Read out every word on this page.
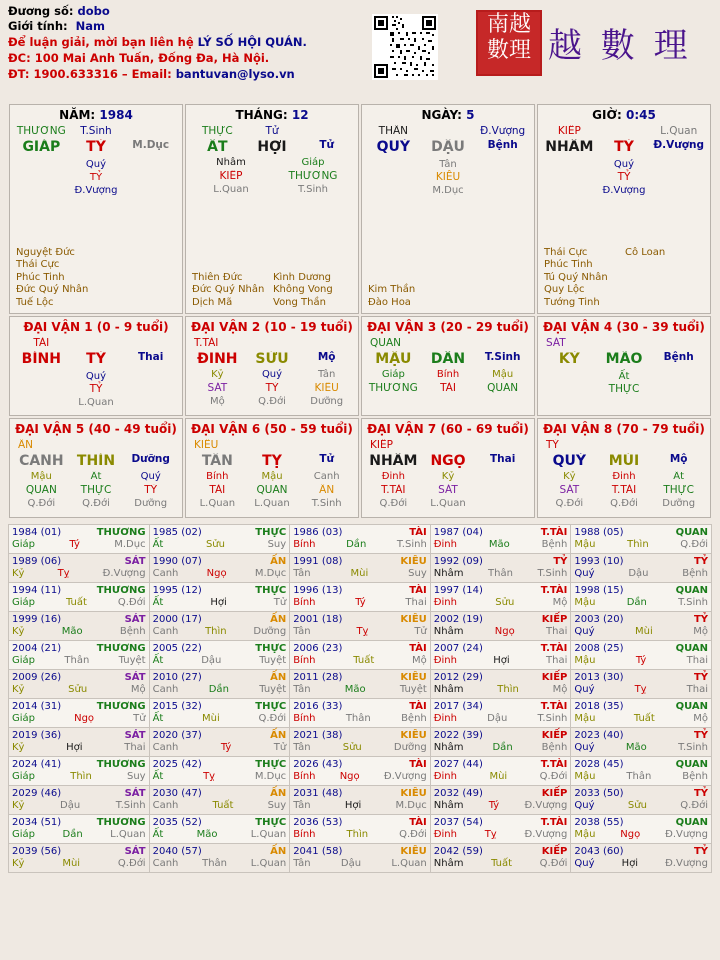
Đương số: dobo
Giới tính: Nam
Để luận giải, mời bạn liên hệ LÝ SỐ HỘI QUÁN.
ĐC: 100 Mai Anh Tuấn, Đống Đa, Hà Nội.
ĐT: 1900.633316 – Email: bantuvan@lyso.vn
南越數理 越 數 理
NĂM: 1984
THƯƠNG	T.Sinh
GIÁP	TỶ	M.Dục
Quý
TỶ
Đ.Vượng
Nguyệt Đức
Thái Cực
Phúc Tinh
Đức Quý Nhân
Tuế Lộc
THÁNG: 12
THỰC	Tử
ẤT	HỢI	Tử
Nhâm	Giáp
KIẾP	THƯƠNG
L.Quan	T.Sinh
Thiên Đức
Đức Quý Nhân
Dịch Mã
Kình Dương
Không Vong
Vong Thần
NGÀY: 5
THÂN	Đ.Vượng
QUÝ	DẬU	Bệnh
Tân
KIÊU
M.Dục
Kim Thần
Đào Hoa
GIỜ: 0:45
KIẾP	L.Quan
NHÂM	TỶ	Đ.Vượng
Quý
TỶ
Đ.Vượng
Thái Cực
Phúc Tinh
Tú Quý Nhân
Quy Lộc
Tướng Tinh
Cô Loan
ĐẠI VẬN 1 (0 - 9 tuổi)
TÀI
BÍNH	TỶ	Thai
Quý
TỶ
L.Quan
ĐẠI VẬN 2 (10 - 19 tuổi)
T.TÀI
ĐINH	SỬU	Mộ
Kỷ	Quý	Tân
SÁT	TỶ	KIÊU
Mộ	Q.Đới	Dưỡng
ĐẠI VẬN 3 (20 - 29 tuổi)
QUAN
MẬU	DẦN	T.Sinh
Giáp	Bính	Mậu
THƯƠNG	TÀI	QUAN
ĐẠI VẬN 4 (30 - 39 tuổi)
SÁT
KỶ	MÃO	Bệnh
Ất
THỰC
ĐẠI VẬN 5 (40 - 49 tuổi)
ẤN
CANH THÌN	Dưỡng
Mậu	Ất	Quý
QUAN	THỰC	TỶ
Q.Đới	Q.Đới	Dưỡng
ĐẠI VẬN 6 (50 - 59 tuổi)
KIÊU
TÂN	TỴ	Tử
Bính	Mậu	Canh
TÀI	QUAN	ẤN
L.Quan	L.Quan	T.Sinh
ĐẠI VẬN 7 (60 - 69 tuổi)
KIẾP
NHÂM NGỌ	Thai
Đinh	Kỷ
T.TÀI	SÁT
Q.Đới	L.Quan
ĐẠI VẬN 8 (70 - 79 tuổi)
TỶ
QUÝ	MÙI	Mộ
Kỷ	Đinh	Ất
SÁT	T.TÀI	THỰC
Q.Đới	Q.Đới	Dưỡng
1984 (01)	THƯƠNG
Giáp	Tý	M.Dục

1985 (02)	THỰC
Ất	Sửu	Suy

1986 (03)	TÀI
Bính	Dần	T.Sinh

1987 (04)	T.TÀI
Đinh	Mão	Bệnh

1988 (05)	QUAN
Mậu	Thìn	Q.Đới

1989 (06)	SÁT
Kỷ	Tỵ	Đ.Vượng

1990 (07)	ẤN
Canh	Ngọ	M.Dục

1991 (08)	KIÊU
Tân	Mùi	Suy

1992 (09)	TỶ
Nhâm Thân T.Sinh

1993 (10)	TỶ
Quý	Dậu	Bệnh

1994 (11)	THƯƠNG
Giáp	Tuất	Q.Đới

1995 (12)	THỰC
Ất	Hợi	Tử

1996 (13)	TÀI
Bính	Tý	Thai

1997 (14)	T.TÀI
Đinh	Sửu	Mộ

1998 (15)	QUAN
Mậu	Dần	T.Sinh

1999 (16)	SÁT
Kỷ	Mão	Bệnh

2000 (17)	ẤN
Canh	Thìn	Dưỡng

2001 (18)	KIÊU
Tân	Tỵ	Tử

2002 (19)	KIẾP
Nhâm	Ngọ	Thai

2003 (20)	TỶ
Quý	Mùi	Mộ

2004 (21)	THƯƠNG
Giáp	Thân	Tuyệt

2005 (22)	THỰC
Ất	Dậu	Tuyệt

2006 (23)	TÀI
Bính	Tuất	Mộ

2007 (24)	T.TÀI
Đinh	Hợi	Thai

2008 (25)	QUAN
Mậu	Tý	Thai

2009 (26)	SÁT
Kỷ	Sửu	Mộ

2010 (27)	ẤN
Canh	Dần	Tuyệt

2011 (28)	KIÊU
Tân	Mão	Tuyệt

2012 (29)	KIẾP
Nhâm	Thìn	Mộ

2013 (30)	TỶ
Quý	Tỵ	Thai

2014 (31)	THƯƠNG
Giáp	Ngọ	Tử

2015 (32)	THỰC
Ất	Mùi	Q.Đới

2016 (33)	TÀI
Bính	Thân	Bệnh

2017 (34)	T.TÀI
Đinh	Dậu	T.Sinh

2018 (35)	QUAN
Mậu	Tuất	Mộ

2019 (36)	SÁT
Kỷ	Hợi	Thai

2020 (37)	ẤN
Canh	Tý	Tử

2021 (38)	KIÊU
Tân	Sửu	Dưỡng

2022 (39)	KIẾP
Nhâm	Dần	Bệnh

2023 (40)	TỶ
Quý	Mão	T.Sinh

2024 (41)	THƯƠNG
Giáp	Thìn	Suy

2025 (42)	THỰC
Ất	Tỵ	M.Dục

2026 (43)	TÀI
Bính Ngọ Đ.Vượng

2027 (44)	T.TÀI
Đinh	Mùi	Q.Đới

2028 (45)	QUAN
Mậu	Thân	Bệnh

2029 (46)	SÁT
Kỷ	Dậu	T.Sinh

2030 (47)	ẤN
Canh	Tuất	Suy

2031 (48)	KIÊU
Tân	Hợi	M.Dục

2032 (49)	KIẾP
Nhâm	Tý	Đ.Vượng

2033 (50)	TỶ
Quý	Sửu	Q.Đới

2034 (51)	THƯƠNG
Giáp	Dần	L.Quan

2035 (52)	THỰC
Ất	Mão	L.Quan

2036 (53)	TÀI
Bính	Thìn	Q.Đới

2037 (54)	T.TÀI
Đinh	Tỵ	Đ.Vượng

2038 (55)	QUAN
Mậu Ngọ Đ.Vượng

2039 (56)	SÁT
Kỷ	Mùi	Q.Đới

2040 (57)	ẤN
Canh Thân L.Quan

2041 (58)	KIÊU
Tân	Dậu	L.Quan

2042 (59)	KIẾP
Nhâm	Tuất	Q.Đới

2043 (60)	TỶ
Quý	Hợi	Đ.Vượng
